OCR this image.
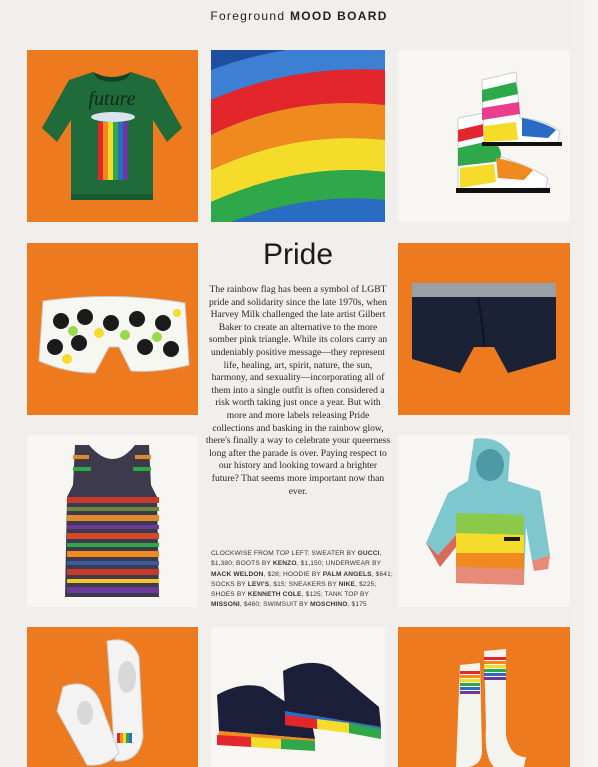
Foreground MOOD BOARD
future
Pride

The rainbow flag has been a symbol of LGBT pride and solidarity since the late 1970s, when Harvey Milk challenged the late artist Gilbert Baker to create an alternative to the more somber pink triangle. While its colors carry an undeniably positive message—they represent life, healing, art, spirit, nature, the sun, harmony, and sexuality—incorporating all of them into a single outfit is often considered a risk worth taking just once a year. But with more and more labels releasing Pride collections and basking in the rainbow glow, there's finally a way to celebrate your queerness long after the parade is over. Paying respect to our history and looking toward a brighter future? That seems more important now than ever.

CLOCKWISE FROM TOP LEFT: SWEATER BY GUCCI, $1,380; BOOTS BY KENZO, $1,150; UNDERWEAR BY MACK WELDON, $28; HOODIE BY PALM ANGELS, $641; SOCKS BY LEVI'S, $15; SNEAKERS BY NIKE, $225; SHOES BY KENNETH COLE, $125; TANK TOP BY MISSONI, $460; SWIMSUIT BY MOSCHINO, $175
